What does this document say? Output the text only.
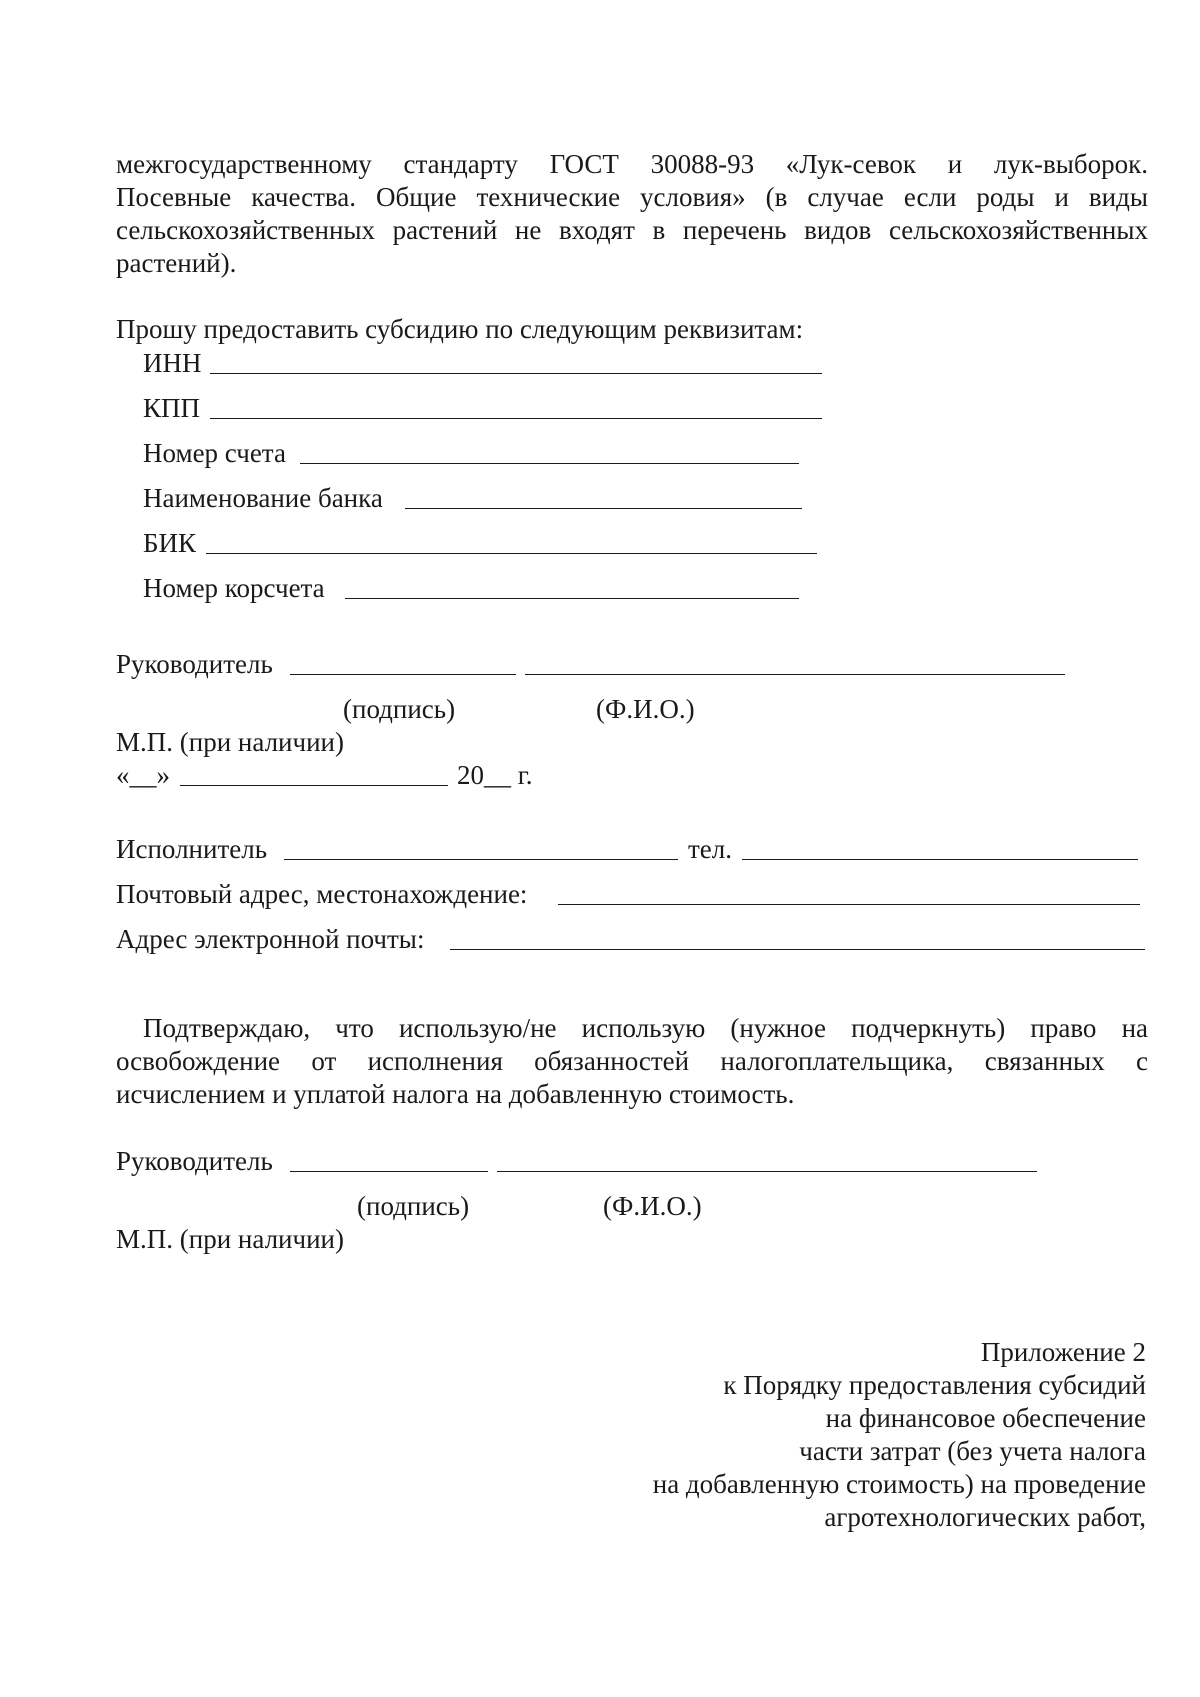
межгосударственному стандарту ГОСТ 30088-93 «Лук-севок и лук-выборок.
Посевные качества. Общие технические условия» (в случае если роды и виды
сельскохозяйственных растений не входят в перечень видов сельскохозяйственных
растений).
Прошу предоставить субсидию по следующим реквизитам:
ИНН
КПП
Номер счета
Наименование банка
БИК
Номер корсчета
Руководитель
(подпись)	(Ф.И.О.)
М.П. (при наличии)
«__»	20__ г.
Исполнитель	тел.
Почтовый адрес, местонахождение:
Адрес электронной почты:
Подтверждаю, что использую/не использую (нужное подчеркнуть) право на
освобождение от исполнения обязанностей налогоплательщика, связанных с
исчислением и уплатой налога на добавленную стоимость.
Руководитель
(подпись)	(Ф.И.О.)
М.П. (при наличии)
Приложение 2
к Порядку предоставления субсидий
на финансовое обеспечение
части затрат (без учета налога
на добавленную стоимость) на проведение
агротехнологических работ,
